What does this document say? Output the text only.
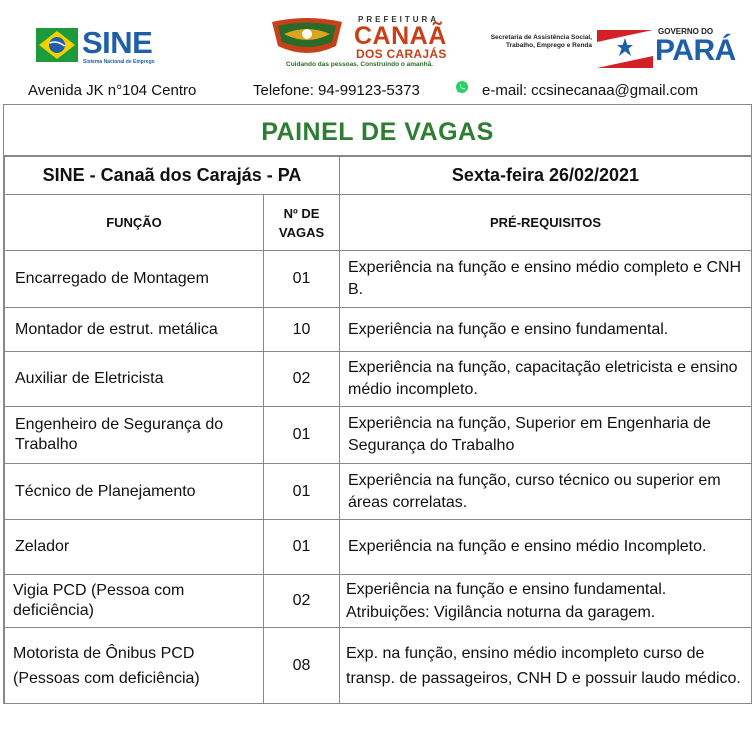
SINE
Sistema Nacional de Emprego
PREFEITURA
CANAÃ
DOS CARAJÁS
Cuidando das pessoas. Construindo o amanhã.
Secretaria de Assistência Social, Trabalho, Emprego e Renda
GOVERNO DO
PARÁ
Avenida JK n°104 Centro	Telefone: 94-99123-5373	e-mail: ccsinecanaa@gmail.com
PAINEL DE VAGAS
SINE - Canaã dos Carajás - PA		Sexta-feira 26/02/2021
FUNÇÃO	Nº DE VAGAS	PRÉ-REQUISITOS
Encarregado de Montagem	01	Experiência na função e ensino médio completo e CNH B.
Montador de estrut. metálica	10	Experiência na função e ensino fundamental.
Auxiliar de Eletricista	02	Experiência na função, capacitação eletricista e ensino médio incompleto.
Engenheiro de Segurança do Trabalho	01	Experiência na função, Superior em Engenharia de Segurança do Trabalho
Técnico de Planejamento	01	Experiência na função, curso técnico ou superior em áreas correlatas.
Zelador	01	Experiência na função e ensino médio Incompleto.
Vigia PCD (Pessoa com deficiência)	02	Experiência na função e ensino fundamental. Atribuições: Vigilância noturna da garagem.
Motorista de Ônibus PCD (Pessoas com deficiência)	08	Exp. na função, ensino médio incompleto curso de transp. de passageiros, CNH D e possuir laudo médico.
